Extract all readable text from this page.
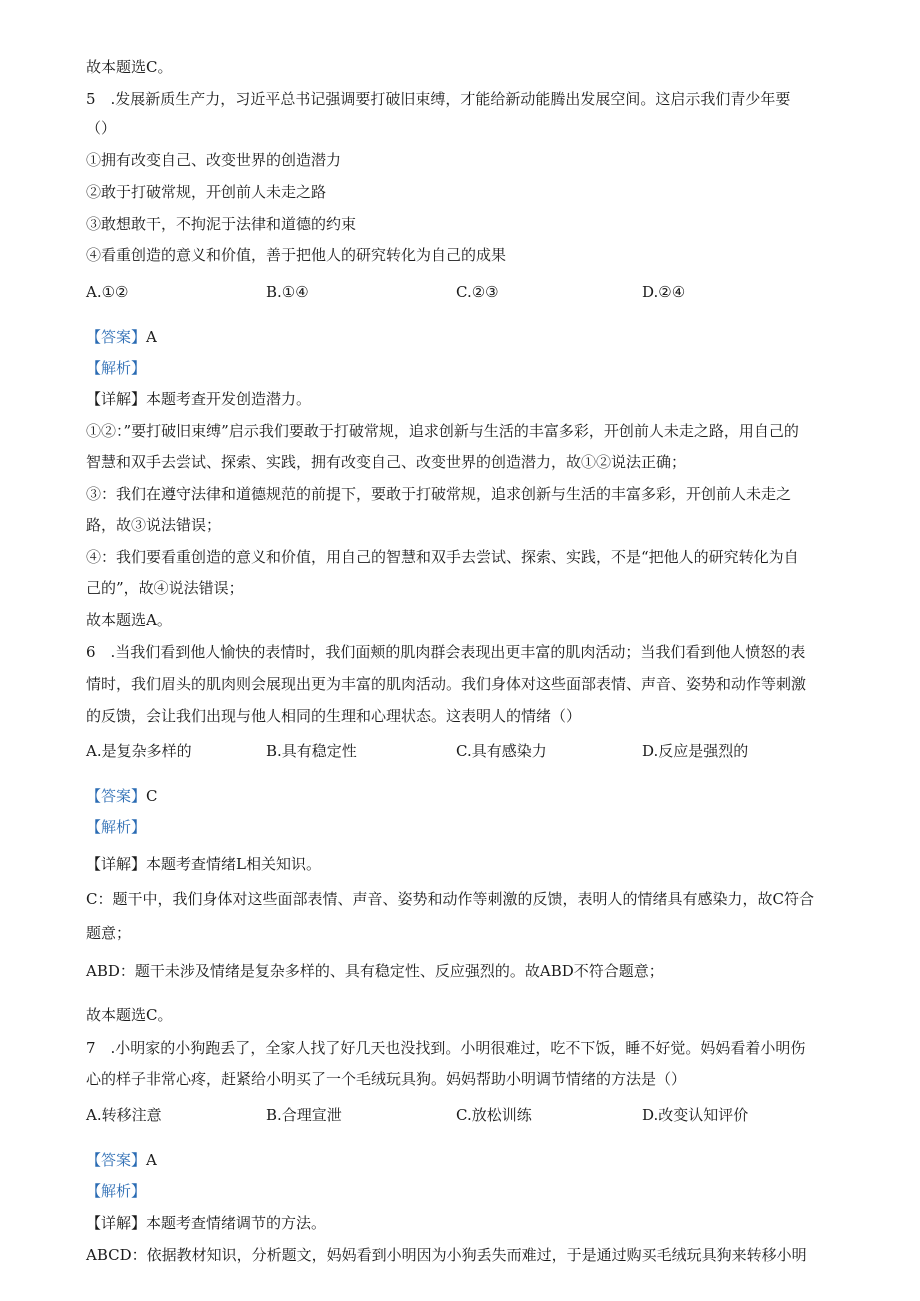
故本题选C。
5　.发展新质生产力，习近平总书记强调要打破旧束缚，才能给新动能腾出发展空间。这启示我们青少年要
（）
①拥有改变自己、改变世界的创造潜力
②敢于打破常规，开创前人未走之路
③敢想敢干，不拘泥于法律和道德的约束
④看重创造的意义和价值，善于把他人的研究转化为自己的成果
A.①②	B.①④	C.②③	D.②④
【答案】A
【解析】
【详解】本题考查开发创造潜力。
①②：”要打破旧束缚”启示我们要敢于打破常规，追求创新与生活的丰富多彩，开创前人未走之路，用自己的
智慧和双手去尝试、探索、实践，拥有改变自己、改变世界的创造潜力，故①②说法正确；
③：我们在遵守法律和道德规范的前提下，要敢于打破常规，追求创新与生活的丰富多彩，开创前人未走之
路，故③说法错误；
④：我们要看重创造的意义和价值，用自己的智慧和双手去尝试、探索、实践，不是“把他人的研究转化为自
己的”，故④说法错误；
故本题选A。
6　.当我们看到他人愉快的表情时，我们面颊的肌肉群会表现出更丰富的肌肉活动；当我们看到他人愤怒的表
情时，我们眉头的肌肉则会展现出更为丰富的肌肉活动。我们身体对这些面部表情、声音、姿势和动作等刺激
的反馈，会让我们出现与他人相同的生理和心理状态。这表明人的情绪（）
A.是复杂多样的	B.具有稳定性	C.具有感染力	D.反应是强烈的
【答案】C
【解析】
【详解】本题考查情绪L相关知识。
C：题干中，我们身体对这些面部表情、声音、姿势和动作等刺激的反馈，表明人的情绪具有感染力，故C符合
题意；
ABD：题干未涉及情绪是复杂多样的、具有稳定性、反应强烈的。故ABD不符合题意；
故本题选C。
7　.小明家的小狗跑丢了，全家人找了好几天也没找到。小明很难过，吃不下饭，睡不好觉。妈妈看着小明伤
心的样子非常心疼，赶紧给小明买了一个毛绒玩具狗。妈妈帮助小明调节情绪的方法是（）
A.转移注意	B.合理宣泄	C.放松训练	D.改变认知评价
【答案】A
【解析】
【详解】本题考查情绪调节的方法。
ABCD：依据教材知识，分析题文，妈妈看到小明因为小狗丢失而难过，于是通过购买毛绒玩具狗来转移小明
